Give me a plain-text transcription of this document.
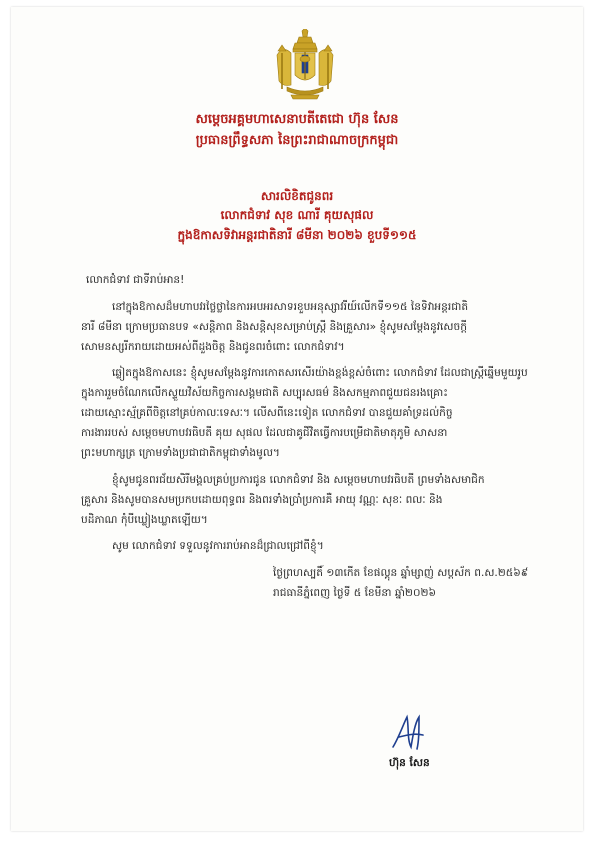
សម្តេចអគ្គមហាសេនាបតីតេជោ ហ៊ុន សែន
ប្រធានព្រឹទ្ធសភា នៃព្រះរាជាណាចក្រកម្ពុជា
សារលិខិតជូនពរ
លោកជំទាវ សុខ ណារី គុយសុផល
ក្នុងឱកាសទិវាអន្តរជាតិនារី ៨មីនា ២០២៦ ខួបទី១១៥
លោកជំទាវ ជាទីរាប់អាន!
នៅក្នុងឱកាសដ៏មហាបវរថ្លៃថ្លានៃការអបអរសាទរខួបអនុស្សាវរីយ៍លើកទី១១៥ នៃទិវាអន្តរជាតិ
នារី ៨មីនា ក្រោមប្រធានបទ «សន្តិភាព និងសន្តិសុខសម្រាប់ស្ត្រី និងគ្រួសារ» ខ្ញុំសូមសម្តែងនូវសេចក្តី
សោមនស្សរីករាយដោយអស់ពីដួងចិត្ត និងជូនពរចំពោះ លោកជំទាវ។
ឆ្លៀតក្នុងឱកាសនេះ ខ្ញុំសូមសម្តែងនូវការកោតសរសើរយ៉ាងខ្ពង់ខ្ពស់ចំពោះ លោកជំទាវ ដែលជាស្ត្រីឆ្នើមមួយរូប
ក្នុងការរួមចំណែកលើកស្ទួយវិស័យកិច្ចការសង្គមជាតិ សប្បុរសធម៌ និងសកម្មភាពជួយជនរងគ្រោះ
ដោយស្មោះស្ម័គ្រពីចិត្តនៅគ្រប់កាលៈទេសៈ។ លើសពីនេះទៀត លោកជំទាវ បានជួយគាំទ្រដល់កិច្ច
ការងាររបស់ សម្តេចមហាបវរធិបតី គុយ សុផល ដែលជាគូជីវិតធ្វើការបម្រើជាតិមាតុភូមិ សាសនា
ព្រះមហាក្សត្រ ក្រោមទាំងប្រជាជាតិកម្ពុជាទាំងមូល។
ខ្ញុំសូមជូនពរជ័យសិរីមង្គលគ្រប់ប្រការជូន លោកជំទាវ និង សម្តេចមហាបវរធិបតី ព្រមទាំងសមាជិក
គ្រួសារ និងសូមបានសមប្រកបដោយពុទ្ធពរ និងពរទាំងប្រាំប្រការគឺ អាយុ វណ្ណៈ សុខៈ ពលៈ និង
បដិភាណ កុំបីឃ្លៀងឃ្លាតឡើយ។
សូម លោកជំទាវ ទទួលនូវការរាប់អានដ៏ជ្រាលជ្រៅពីខ្ញុំ។
ថ្ងៃព្រហស្បតិ៍ ១៣កើត ខែផល្គុន ឆ្នាំម្សាញ់ សប្តស័ក ព.ស.២៥៦៩
រាជធានីភ្នំពេញ ថ្ងៃទី ៥ ខែមីនា ឆ្នាំ២០២៦
ហ៊ុន សែន
